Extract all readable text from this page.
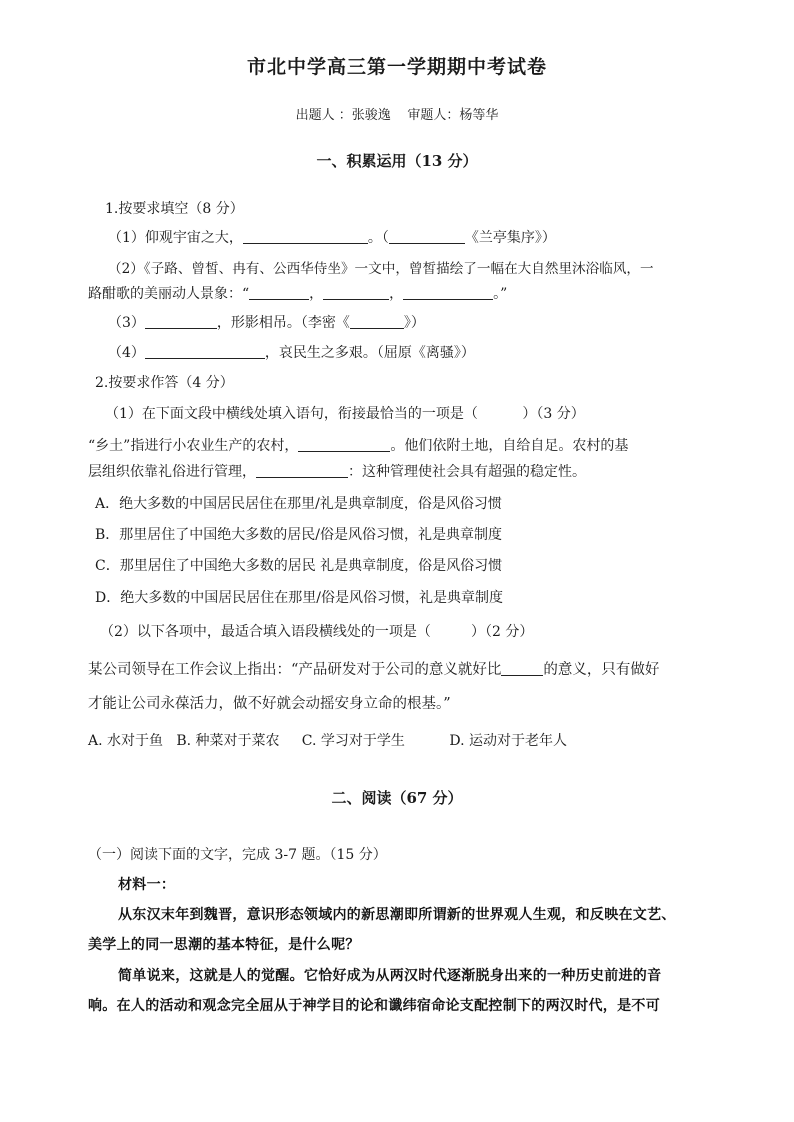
市北中学高三第一学期期中考试卷
出题人 ：张骏逸    审题人：杨等华
一、积累运用（13 分）
1.按要求填空（8 分）
（1）仰观宇宙之大，	。（	《兰亭集序》）
（2）《子路、曾皙、冉有、公西华侍坐》一文中，曾皙描绘了一幅在大自然里沐浴临风，一
路酣歌的美丽动人景象：“	，	，	。”
（3）	，形影相吊。（李密《	》）
（4）	，哀民生之多艰。（屈原《离骚》）
2.按要求作答（4 分）
（1）在下面文段中横线处填入语句，衔接最恰当的一项是（          ）（3 分）
“乡土”指进行小农业生产的农村，	。他们依附土地，自给自足。农村的基
层组织依靠礼俗进行管理，	：这种管理使社会具有超强的稳定性。
A．绝大多数的中国居民居住在那里/礼是典章制度，俗是风俗习惯
B．那里居住了中国绝大多数的居民/俗是风俗习惯，礼是典章制度
C．那里居住了中国绝大多数的居民 礼是典章制度，俗是风俗习惯
D．绝大多数的中国居民居住在那里/俗是风俗习惯，礼是典章制度
（2）以下各项中，最适合填入语段横线处的一项是（         ）（2 分）
某公司领导在工作会议上指出：“产品研发对于公司的意义就好比	的意义，只有做好
才能让公司永葆活力，做不好就会动摇安身立命的根基。”
A. 水对于鱼   B. 种菜对于菜农     C. 学习对于学生          D. 运动对于老年人
二、阅读（67 分）
（一）阅读下面的文字，完成 3-7 题。（15 分）
材料一：
从东汉末年到魏晋，意识形态领域内的新思潮即所谓新的世界观人生观，和反映在文艺、
美学上的同一思潮的基本特征，是什么呢？
简单说来，这就是人的觉醒。它恰好成为从两汉时代逐渐脱身出来的一种历史前进的音
响。在人的活动和观念完全屈从于神学目的论和谶纬宿命论支配控制下的两汉时代，是不可
